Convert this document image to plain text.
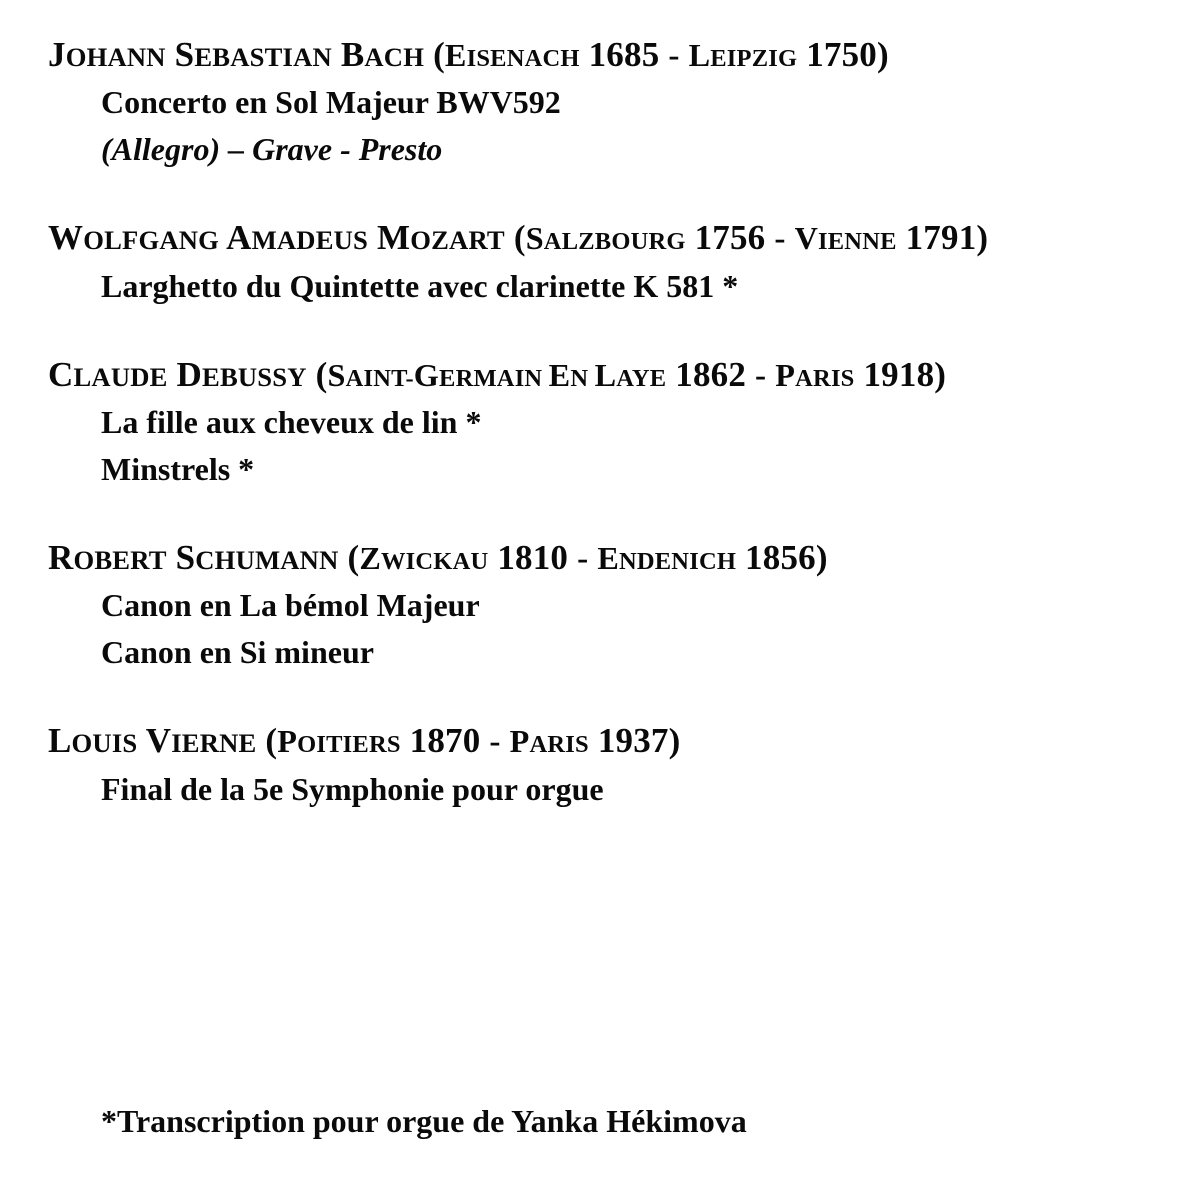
JOHANN SEBASTIAN BACH (EISENACH 1685 - LEIPZIG 1750)
Concerto en Sol Majeur BWV592
(Allegro) – Grave - Presto
WOLFGANG AMADEUS MOZART (SALZBOURG 1756 - VIENNE 1791)
Larghetto du Quintette avec clarinette K 581 *
CLAUDE DEBUSSY (SAINT-GERMAIN EN LAYE 1862 - PARIS 1918)
La fille aux cheveux de lin *
Minstrels *
ROBERT SCHUMANN (ZWICKAU 1810 - ENDENICH 1856)
Canon en La bémol Majeur
Canon en Si mineur
LOUIS VIERNE (POITIERS 1870 - PARIS 1937)
Final de la 5e Symphonie pour orgue
*Transcription pour orgue de Yanka Hékimova
